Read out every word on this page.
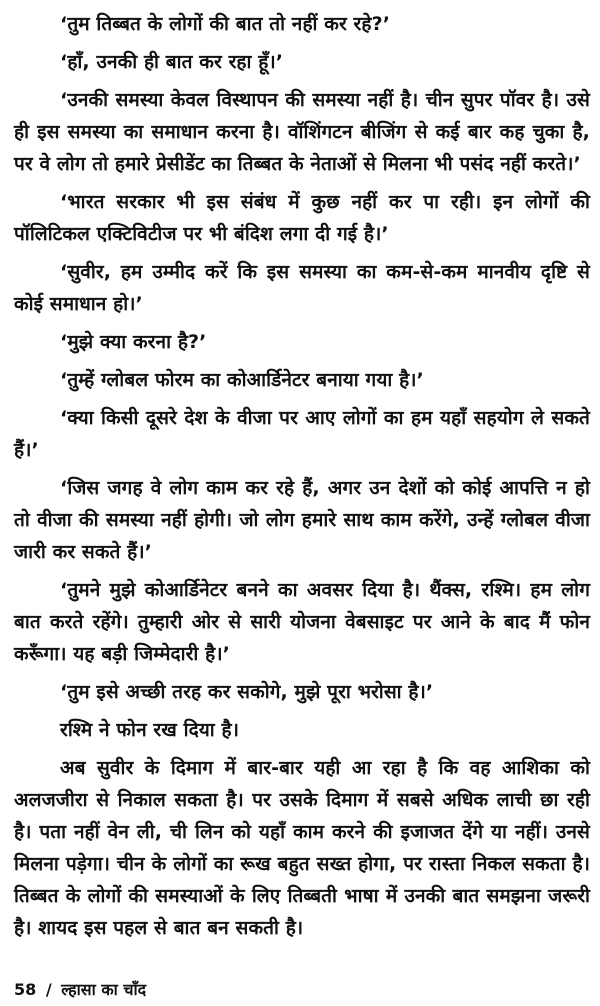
‘तुम तिब्बत के लोगों की बात तो नहीं कर रहे?’

‘हाँ, उनकी ही बात कर रहा हूँ।’

‘उनकी समस्या केवल विस्थापन की समस्या नहीं है। चीन सुपर पॉवर है। उसे ही इस समस्या का समाधान करना है। वॉशिंगटन बीजिंग से कई बार कह चुका है, पर वे लोग तो हमारे प्रेसीडेंट का तिब्बत के नेताओं से मिलना भी पसंद नहीं करते।’

‘भारत सरकार भी इस संबंध में कुछ नहीं कर पा रही। इन लोगों की पॉलिटिकल एक्टिविटीज पर भी बंदिश लगा दी गई है।’

‘सुवीर, हम उम्मीद करें कि इस समस्या का कम-से-कम मानवीय दृष्टि से कोई समाधान हो।’

‘मुझे क्या करना है?’

‘तुम्हें ग्लोबल फोरम का कोआर्डिनेटर बनाया गया है।’

‘क्या किसी दूसरे देश के वीजा पर आए लोगों का हम यहाँ सहयोग ले सकते हैं।’

‘जिस जगह वे लोग काम कर रहे हैं, अगर उन देशों को कोई आपत्ति न हो तो वीजा की समस्या नहीं होगी। जो लोग हमारे साथ काम करेंगे, उन्हें ग्लोबल वीजा जारी कर सकते हैं।’

‘तुमने मुझे कोआर्डिनेटर बनने का अवसर दिया है। थैंक्स, रश्मि। हम लोग बात करते रहेंगे। तुम्हारी ओर से सारी योजना वेबसाइट पर आने के बाद मैं फोन करूँगा। यह बड़ी जिम्मेदारी है।’

‘तुम इसे अच्छी तरह कर सकोगे, मुझे पूरा भरोसा है।’

रश्मि ने फोन रख दिया है।

अब सुवीर के दिमाग में बार-बार यही आ रहा है कि वह आशिका को अलजजीरा से निकाल सकता है। पर उसके दिमाग में सबसे अधिक लाची छा रही है। पता नहीं वेन ली, ची लिन को यहाँ काम करने की इजाजत देंगे या नहीं। उनसे मिलना पड़ेगा। चीन के लोगों का रूख बहुत सख्त होगा, पर रास्ता निकल सकता है। तिब्बत के लोगों की समस्याओं के लिए तिब्बती भाषा में उनकी बात समझना जरूरी है। शायद इस पहल से बात बन सकती है।

58 / ल्हासा का चाँद
